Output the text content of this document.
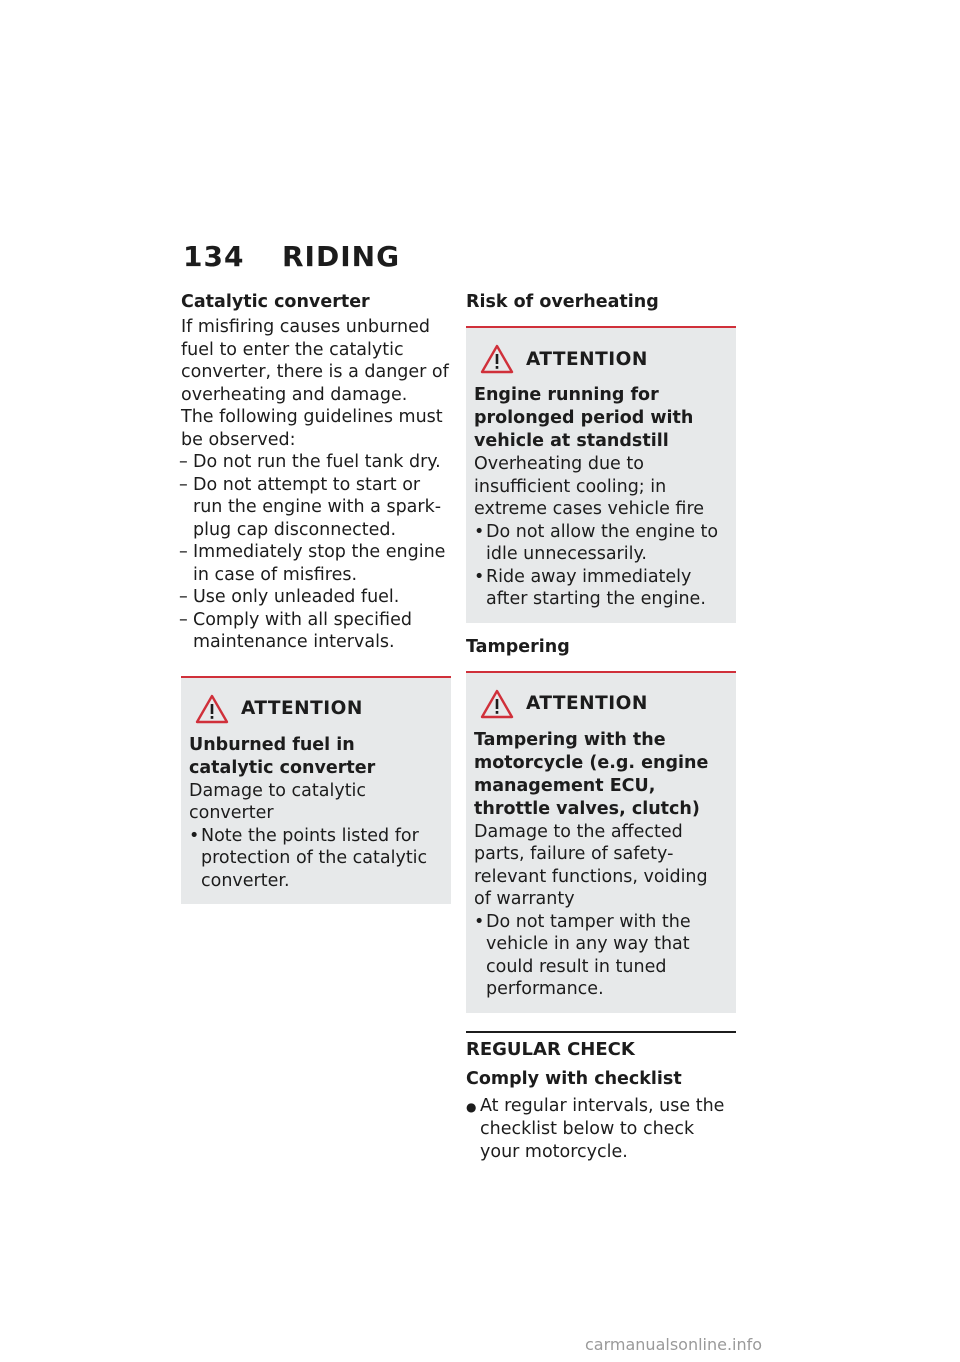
134 RIDING

Catalytic converter

If misfiring causes unburned fuel to enter the catalytic converter, there is a danger of overheating and damage.

The following guidelines must be observed:

– Do not run the fuel tank dry.
– Do not attempt to start or run the engine with a spark-plug cap disconnected.
– Immediately stop the engine in case of misfires.
– Use only unleaded fuel.
– Comply with all specified maintenance intervals.
ATTENTION

Unburned fuel in catalytic converter

Damage to catalytic converter

• Note the points listed for protection of the catalytic converter.

Risk of overheating

ATTENTION

Engine running for prolonged period with vehicle at standstill

Overheating due to insufficient cooling; in extreme cases vehicle fire

• Do not allow the engine to idle unnecessarily.
• Ride away immediately after starting the engine.

Tampering

ATTENTION

Tampering with the motorcycle (e.g. engine management ECU, throttle valves, clutch)

Damage to the affected parts, failure of safety-relevant functions, voiding of warranty

• Do not tamper with the vehicle in any way that could result in tuned performance.

REGULAR CHECK

Comply with checklist

● At regular intervals, use the checklist below to check your motorcycle.
carmanualsonline.info
